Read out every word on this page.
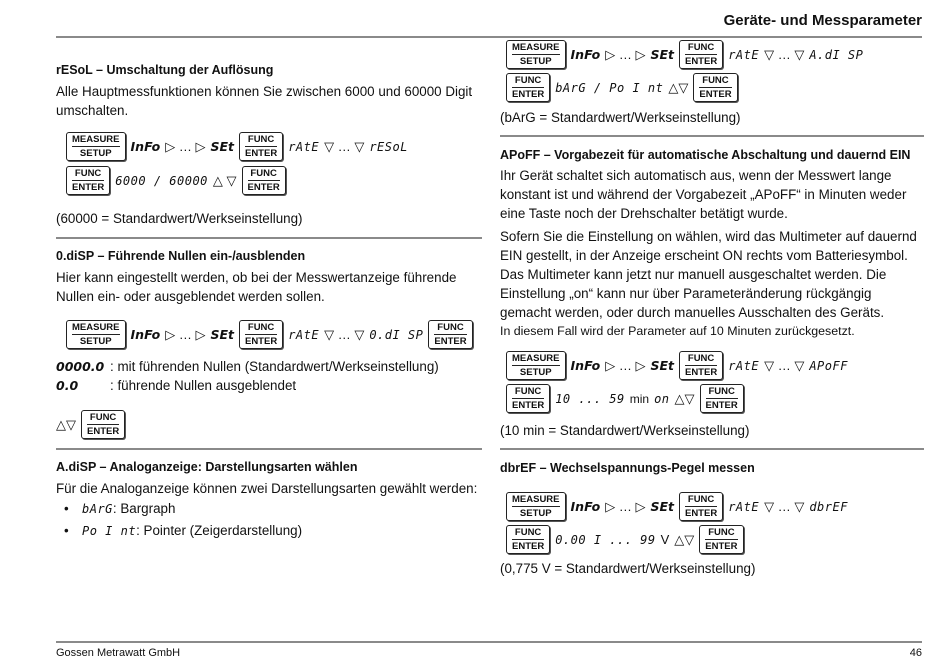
Geräte- und Messparameter

rESoL – Umschaltung der Auflösung

Alle Hauptmessfunktionen können Sie zwischen 6000 und 60000 Digit umschalten.

MEASURE
SETUP	InFo ▷ … ▷ SEt	FUNC
ENTER rAtE ▽ … ▽ rESoL
FUNC
ENTER 6000 / 60000 △ ▽	FUNC
ENTER

(60000 = Standardwert/Werkseinstellung)

0.diSP – Führende Nullen ein-/ausblenden

Hier kann eingestellt werden, ob bei der Messwertanzeige führende Nullen ein- oder ausgeblendet werden sollen.

MEASURE
SETUP	InFo ▷ … ▷ SEt	FUNC
ENTER rAtE ▽ … ▽ 0.dI SP	FUNC
ENTER
0000.0 : mit führenden Nullen (Standardwert/Werkseinstellung)
0.0	: führende Nullen ausgeblendet
△▽	FUNC
ENTER

A.diSP – Analoganzeige: Darstellungsarten wählen

Für die Analoganzeige können zwei Darstellungsarten gewählt werden:

• bArG: Bargraph
• Po I nt: Pointer (Zeigerdarstellung)
MEASURE
SETUP	InFo ▷ … ▷ SEt	FUNC
ENTER rAtE ▽ … ▽ A.dI SP
FUNC
ENTER bArG / Po I nt △▽	FUNC
ENTER

(bArG = Standardwert/Werkseinstellung)

APoFF – Vorgabezeit für automatische Abschaltung und dauernd EIN

Ihr Gerät schaltet sich automatisch aus, wenn der Messwert lange konstant ist und während der Vorgabezeit „APoFF“ in Minuten weder eine Taste noch der Drehschalter betätigt wurde.

Sofern Sie die Einstellung on wählen, wird das Multimeter auf dauernd EIN gestellt, in der Anzeige erscheint ON rechts vom Batteriesymbol. Das Multimeter kann jetzt nur manuell ausgeschaltet werden. Die Einstellung „on“ kann nur über Parameteränderung rückgängig gemacht werden, oder durch manuelles Ausschalten des Geräts.

In diesem Fall wird der Parameter auf 10 Minuten zurückgesetzt.

MEASURE
SETUP	InFo ▷ … ▷ SEt	FUNC
ENTER rAtE ▽ … ▽ APoFF
FUNC
ENTER 10 ... 59 min on △▽	FUNC
ENTER

(10 min = Standardwert/Werkseinstellung)

dbrEF – Wechselspannungs-Pegel messen

MEASURE
SETUP	InFo ▷ … ▷ SEt	FUNC
ENTER rAtE ▽ … ▽ dbrEF
FUNC
ENTER 0.00 I ... 99 V △▽	FUNC
ENTER

(0,775 V = Standardwert/Werkseinstellung)

Gossen Metrawatt GmbH	46
